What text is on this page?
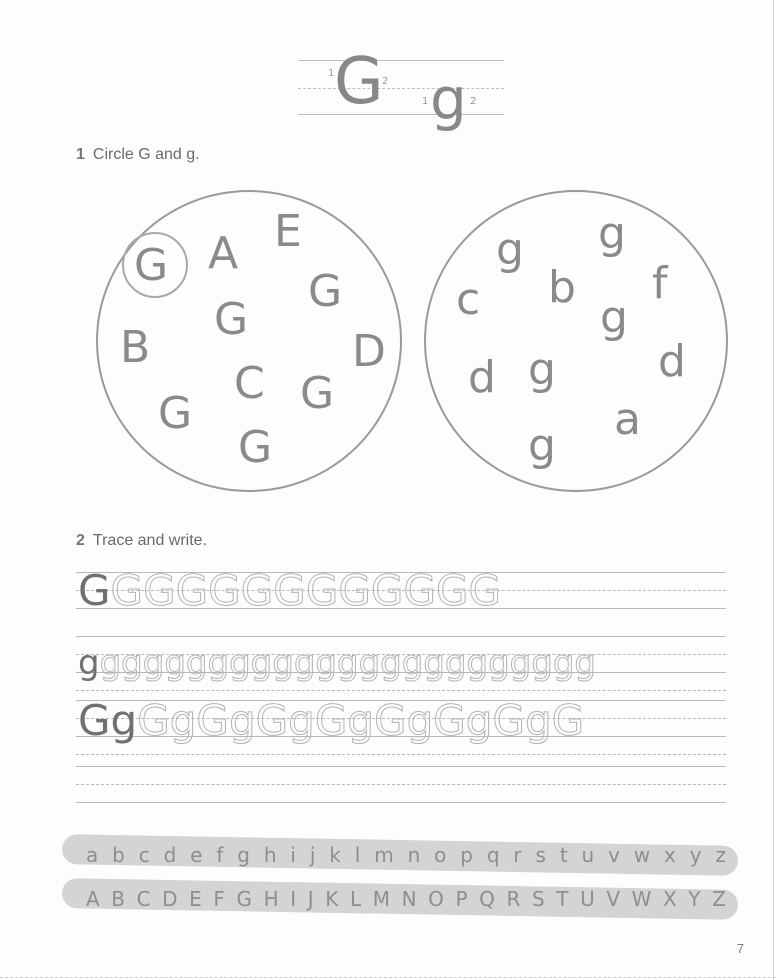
1
2
G	1 g 2
1 Circle G and g.
G A E
G
B
G
D
C
G G
G
g g
c b f
g
d g d
a
g
2 Trace and write.
GGGGGGGGGGGGG
gggggggggggggggggggggggg
GgGgGgGgGgGgGgGgG
a b c d e f g h i j k l m n o p q r s t u v w x y z
A B C D E F G H I J K L M N O P Q R S T U V W X Y Z
7
